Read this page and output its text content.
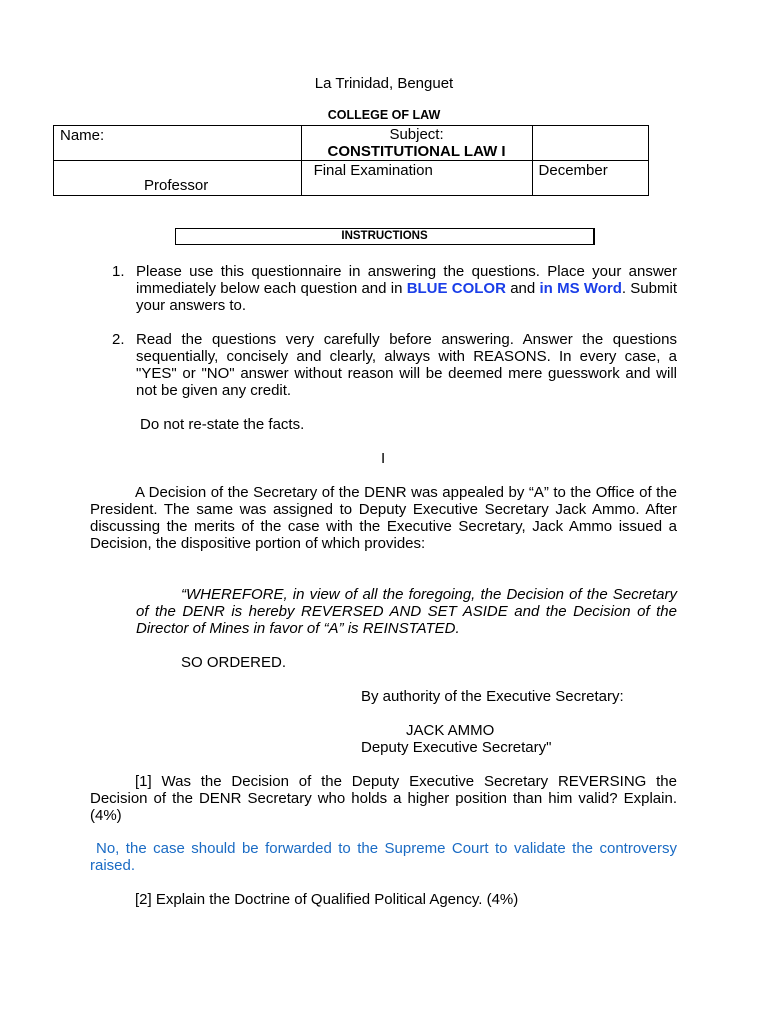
La Trinidad, Benguet
COLLEGE OF LAW
Name:	Subject:
CONSTITUTIONAL LAW I	

Professor	Final Examination	December
INSTRUCTIONS
1. Please use this questionnaire in answering the questions. Place your answer immediately below each question and in BLUE COLOR and in MS Word. Submit your answers to.
2. Read the questions very carefully before answering. Answer the questions sequentially, concisely and clearly, always with REASONS. In every case, a "YES" or "NO" answer without reason will be deemed mere guesswork and will not be given any credit.
Do not re-state the facts.
I
A Decision of the Secretary of the DENR was appealed by “A” to the Office of the President. The same was assigned to Deputy Executive Secretary Jack Ammo. After discussing the merits of the case with the Executive Secretary, Jack Ammo issued a Decision, the dispositive portion of which provides:
“WHEREFORE, in view of all the foregoing, the Decision of the Secretary of the DENR is hereby REVERSED AND SET ASIDE and the Decision of the Director of Mines in favor of “A” is REINSTATED.
SO ORDERED.
By authority of the Executive Secretary:
JACK AMMO
Deputy Executive Secretary"
[1] Was the Decision of the Deputy Executive Secretary REVERSING the Decision of the DENR Secretary who holds a higher position than him valid? Explain. (4%)
No, the case should be forwarded to the Supreme Court to validate the controversy raised.
[2] Explain the Doctrine of Qualified Political Agency. (4%)
